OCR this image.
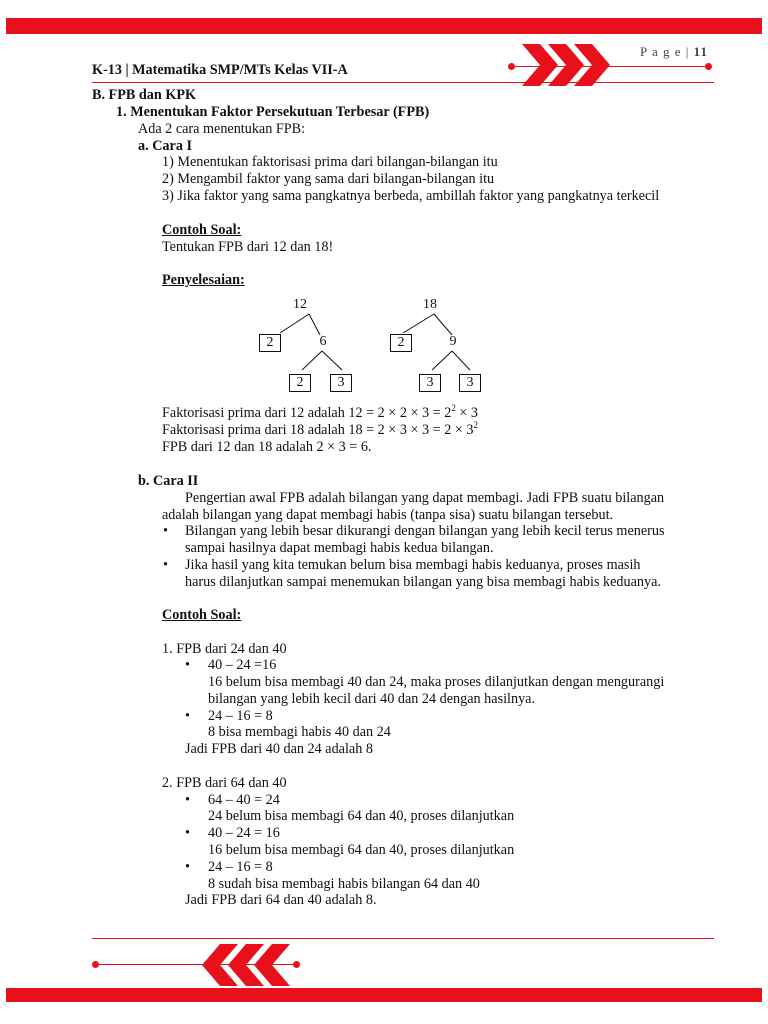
P a g e | 11
K-13 | Matematika SMP/MTs Kelas VII-A
B. FPB dan KPK
1. Menentukan Faktor Persekutuan Terbesar (FPB)
Ada 2 cara menentukan FPB:
a. Cara I
1) Menentukan faktorisasi prima dari bilangan-bilangan itu
2) Mengambil faktor yang sama dari bilangan-bilangan itu
3) Jika faktor yang sama pangkatnya berbeda, ambillah faktor yang pangkatnya terkecil
Contoh Soal:
Tentukan FPB dari 12 dan 18!
Penyelesaian:
12
2	6
2	3
18
2	9
3	3
Faktorisasi prima dari 12 adalah $12 = 2 \times 2 \times 3 = 2^2 \times 3$
Faktorisasi prima dari 18 adalah $18 = 2 \times 3 \times 3 = 2 \times 3^2$
FPB dari 12 dan 18 adalah 2 × 3 = 6.
b. Cara II
Pengertian awal FPB adalah bilangan yang dapat membagi. Jadi FPB suatu bilangan
adalah bilangan yang dapat membagi habis (tanpa sisa) suatu bilangan tersebut.
• Bilangan yang lebih besar dikurangi dengan bilangan yang lebih kecil terus menerus
sampai hasilnya dapat membagi habis kedua bilangan.
• Jika hasil yang kita temukan belum bisa membagi habis keduanya, proses masih
harus dilanjutkan sampai menemukan bilangan yang bisa membagi habis keduanya.
Contoh Soal:
1. FPB dari 24 dan 40
• 40 – 24 =16
16 belum bisa membagi 40 dan 24, maka proses dilanjutkan dengan mengurangi
bilangan yang lebih kecil dari 40 dan 24 dengan hasilnya.
• 24 – 16 = 8
8 bisa membagi habis 40 dan 24
Jadi FPB dari 40 dan 24 adalah 8
2. FPB dari 64 dan 40
• 64 – 40 = 24
24 belum bisa membagi 64 dan 40, proses dilanjutkan
• 40 – 24 = 16
16 belum bisa membagi 64 dan 40, proses dilanjutkan
• 24 – 16 = 8
8 sudah bisa membagi habis bilangan 64 dan 40
Jadi FPB dari 64 dan 40 adalah 8.
